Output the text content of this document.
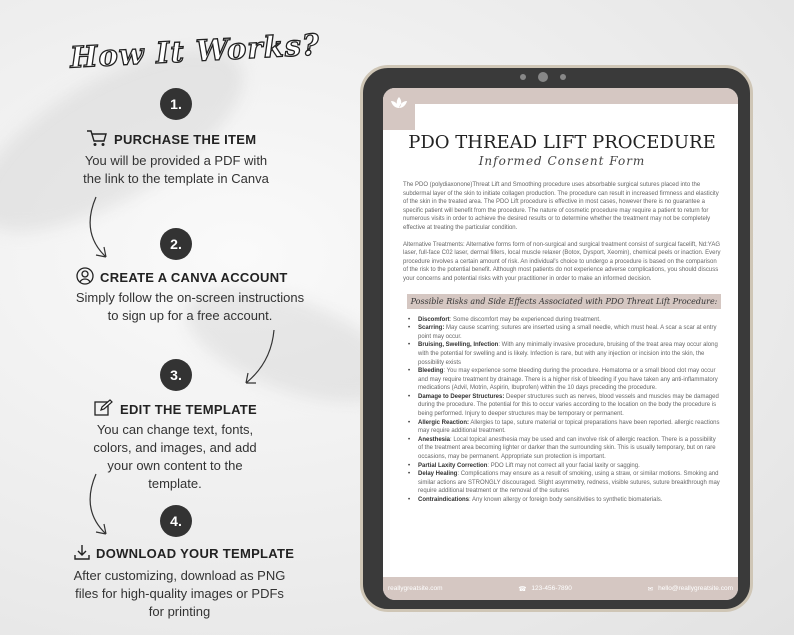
How It Works?
1.
PURCHASE THE ITEM
You will be provided a PDF with the link to the template in Canva
2.
CREATE A CANVA ACCOUNT
Simply follow the on-screen instructions to sign up for a free account.
3.
EDIT THE TEMPLATE
You can change text, fonts, colors, and images, and add your own content to the template.
4.
DOWNLOAD YOUR TEMPLATE
After customizing, download as PNG files for high-quality images or PDFs for printing
PDO THREAD LIFT PROCEDURE
Informed Consent Form
The PDO (polydiaxonone)Threat Lift and Smoothing procedure uses absorbable surgical sutures placed into the subdermal layer of the skin to initiate collagen production. The procedure can result in increased firmness and elasticity of the skin in the treated area. The PDO Lift procedure is effective in most cases, however there is no guarantee a specific patient will benefit from the procedure. The nature of cosmetic procedure may require a patient to return for numerous visits in order to achieve the desired results or to determine whether the treatment may not be completely effective at treating the particular condition.
Alternative Treatments: Alternative forms form of non-surgical and surgical treatment consist of surgical facelift, Nd:YAG laser, full-face C02 laser, dermal fillers, local muscle relaxer (Botox, Dysport, Xeomin), chemical peels or inaction. Every procedure involves a certain amount of risk. An individual's choice to undergo a procedure is based on the comparison of the risk to the potential benefit. Although most patients do not experience adverse complications, you should discuss your concerns and potential risks with your practitioner in order to make an informed decision.
Possible Risks and Side Effects Associated with PDO Threat Lift Procedure:
• Discomfort: Some discomfort may be experienced during treatment.
• Scarring: May cause scarring; sutures are inserted using a small needle, which must heal. A scar a scar at entry point may occur.
• Bruising, Swelling, Infection: With any minimally invasive procedure, bruising of the treat area may occur along with the potential for swelling and is likely. Infection is rare, but with any injection or incision into the skin, the possibility exists
• Bleeding: You may experience some bleeding during the procedure. Hematoma or a small blood clot may occur and may require treatment by drainage. There is a higher risk of bleeding if you have taken any anti-inflammatory medications (Advil, Motrin, Aspirin, Ibuprofen) within the 10 days preceding the procedure.
• Damage to Deeper Structures: Deeper structures such as nerves, blood vessels and muscles may be damaged during the procedure. The potential for this to occur varies according to the location on the body the procedure is being performed. Injury to deeper structures may be temporary or permanent.
• Allergic Reaction: Allergies to tape, suture material or topical preparations have been reported. allergic reactions may require additional treatment.
• Anesthesia: Local topical anesthesia may be used and can involve risk of allergic reaction. There is a possibility of the treatment area becoming lighter or darker than the surrounding skin. This is usually temporary, but on rare occasions, may be permanent. Appropriate sun protection is important.
• Partial Laxity Correction: PDO Lift may not correct all your facial laxity or sagging.
• Delay Healing: Complications may ensure as a result of smoking, using a straw, or similar motions. Smoking and similar actions are STRONGLY discouraged. Slight asymmetry, redness, visible sutures, suture breakthrough may require additional treatment or the removal of the sutures
• Contraindications: Any known allergy or foreign body sensitivities to synthetic biomaterials.
reallygreatsite.com	☎ 123-456-7890	✉ hello@reallygreatsite.com
